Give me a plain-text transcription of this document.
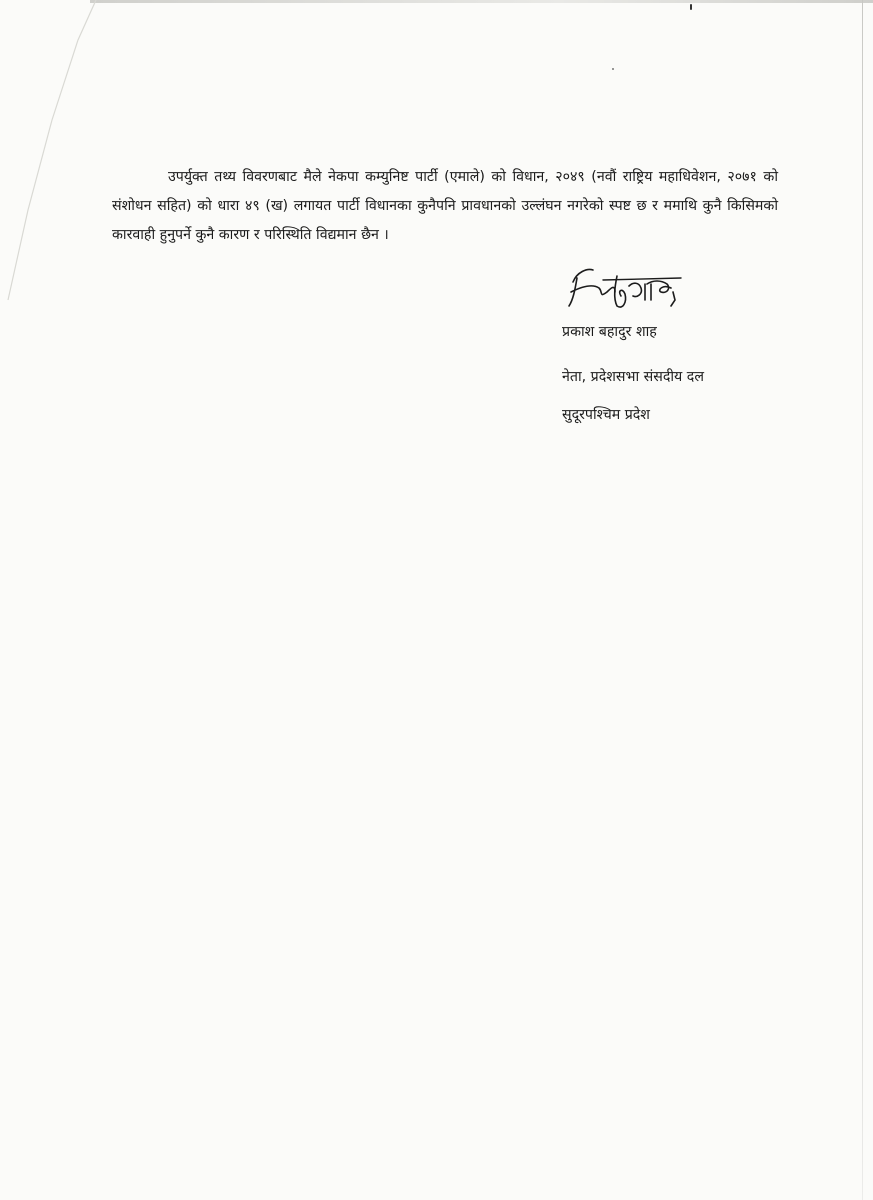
उपर्युक्त तथ्य विवरणबाट मैले नेकपा कम्युनिष्ट पार्टी (एमाले) को विधान, २०४९ (नवौं राष्ट्रिय महाधिवेशन, २०७१ को संशोधन सहित) को धारा ४९ (ख) लगायत पार्टी विधानका कुनैपनि प्रावधानको उल्लंघन नगरेको स्पष्ट छ र ममाथि कुनै किसिमको कारवाही हुनुपर्ने कुनै कारण र परिस्थिति विद्यमान छैन ।

प्रकाश बहादुर शाह
नेता, प्रदेशसभा संसदीय दल
सुदूरपश्चिम प्रदेश
